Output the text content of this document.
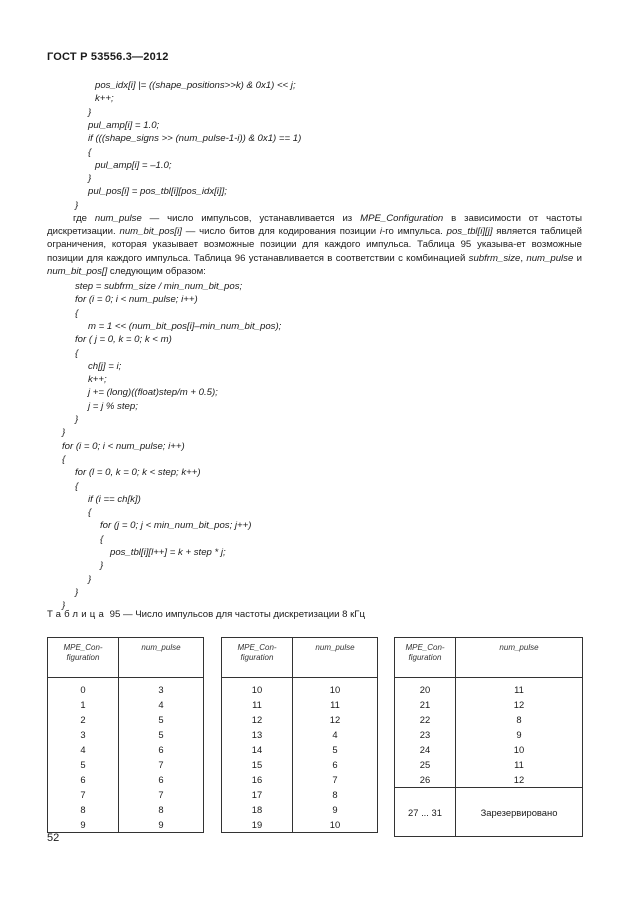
ГОСТ Р 53556.3—2012
pos_idx[i] |= ((shape_positions>>k) & 0x1) << j;
k++;
}
pul_amp[i] = 1.0;
if (((shape_signs >> (num_pulse-1-i)) & 0x1) == 1)
{
pul_amp[i] = –1.0;
}
pul_pos[i] = pos_tbl[i][pos_idx[i]];
}
где num_pulse — число импульсов, устанавливается из MPE_Configuration в зависимости от частоты дискретизации. num_bit_pos[i] — число битов для кодирования позиции i-го импульса. pos_tbl[i][j] является таблицей ограничения, которая указывает возможные позиции для каждого импульса. Таблица 95 указыва-ет возможные позиции для каждого импульса. Таблица 96 устанавливается в соответствии с комбинацией subfrm_size, num_pulse и num_bit_pos[] следующим образом:
step = subfrm_size / min_num_bit_pos;
for (i = 0; i < num_pulse; i++)
{
m = 1 << (num_bit_pos[i]–min_num_bit_pos);
for ( j = 0, k = 0; k < m)
{
ch[j] = i;
k++;
j += (long)((float)step/m + 0.5);
j = j % step;
}
}
for (i = 0; i < num_pulse; i++)
{
for (l = 0, k = 0; k < step; k++)
{
if (i == ch[k])
{
for (j = 0; j < min_num_bit_pos; j++)
{
pos_tbl[i][l++] = k + step * j;
}
}
}
}
Таблица 95 — Число импульсов для частоты дискретизации 8 кГц
MPE_Con-
figuration	num_pulse
0	3
1	4
2	5
3	5
4	6
5	7
6	6
7	7
8	8
9	9
MPE_Con-
figuration	num_pulse
10	10
11	11
12	12
13	4
14	5
15	6
16	7
17	8
18	9
19	10
MPE_Con-
figuration	num_pulse
20	11
21	12
22	8
23	9
24	10
25	11
26	12
27 ... 31	Зарезервировано
52
